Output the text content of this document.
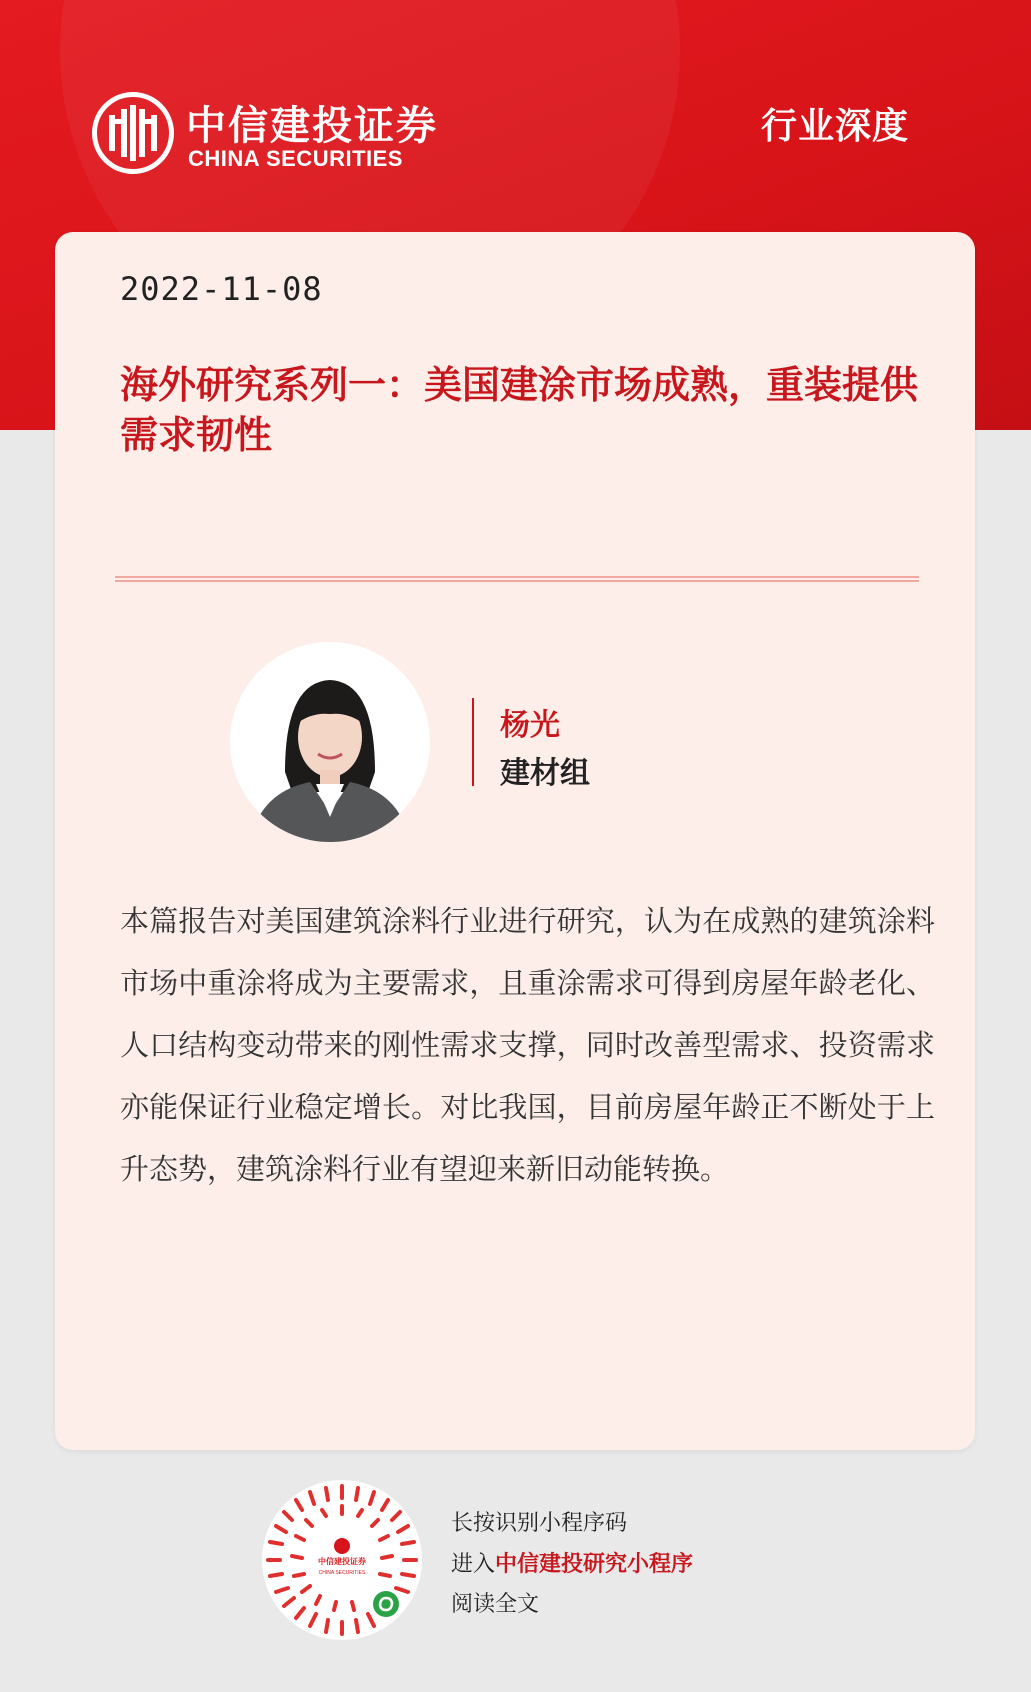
中信建投证券
CHINA SECURITIES
行业深度
2022-11-08
海外研究系列一：美国建涂市场成熟，重装提供需求韧性
杨光
建材组

本篇报告对美国建筑涂料行业进行研究，认为在成熟的建筑涂料市场中重涂将成为主要需求，且重涂需求可得到房屋年龄老化、人口结构变动带来的刚性需求支撑，同时改善型需求、投资需求亦能保证行业稳定增长。对比我国，目前房屋年龄正不断处于上升态势，建筑涂料行业有望迎来新旧动能转换。

中信建投证券
CHINA SECURITIES
长按识别小程序码
进入中信建投研究小程序
阅读全文
